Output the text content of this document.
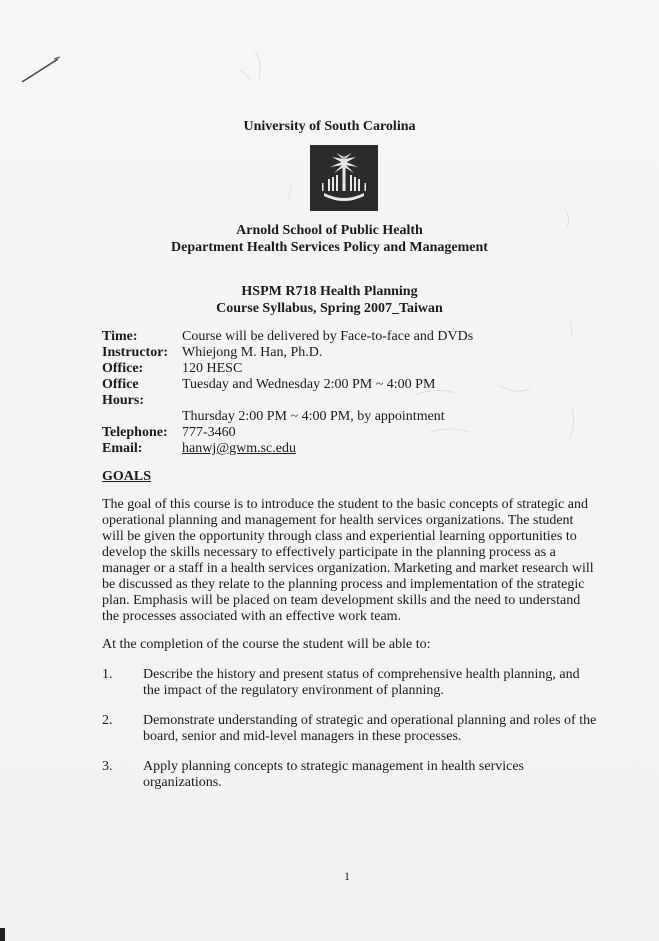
University of South Carolina
Arnold School of Public Health
Department Health Services Policy and Management
HSPM R718 Health Planning
Course Syllabus, Spring 2007_Taiwan
Time:	Course will be delivered by Face-to-face and DVDs
Instructor: Whiejong M. Han, Ph.D.
Office:	120 HESC
Office Hours:
Tuesday and Wednesday 2:00 PM ~ 4:00 PM
Thursday 2:00 PM ~ 4:00 PM, by appointment
Telephone:	777-3460
Email:	hanwj@gwm.sc.edu
GOALS
The goal of this course is to introduce the student to the basic concepts of strategic and operational planning and management for health services organizations. The student will be given the opportunity through class and experiential learning opportunities to develop the skills necessary to effectively participate in the planning process as a manager or a staff in a health services organization. Marketing and market research will be discussed as they relate to the planning process and implementation of the strategic plan. Emphasis will be placed on team development skills and the need to understand the processes associated with an effective work team.
At the completion of the course the student will be able to:
1.	Describe the history and present status of comprehensive health planning, and the impact of the regulatory environment of planning.
2.	Demonstrate understanding of strategic and operational planning and roles of the board, senior and mid-level managers in these processes.
3.	Apply planning concepts to strategic management in health services organizations.
1
